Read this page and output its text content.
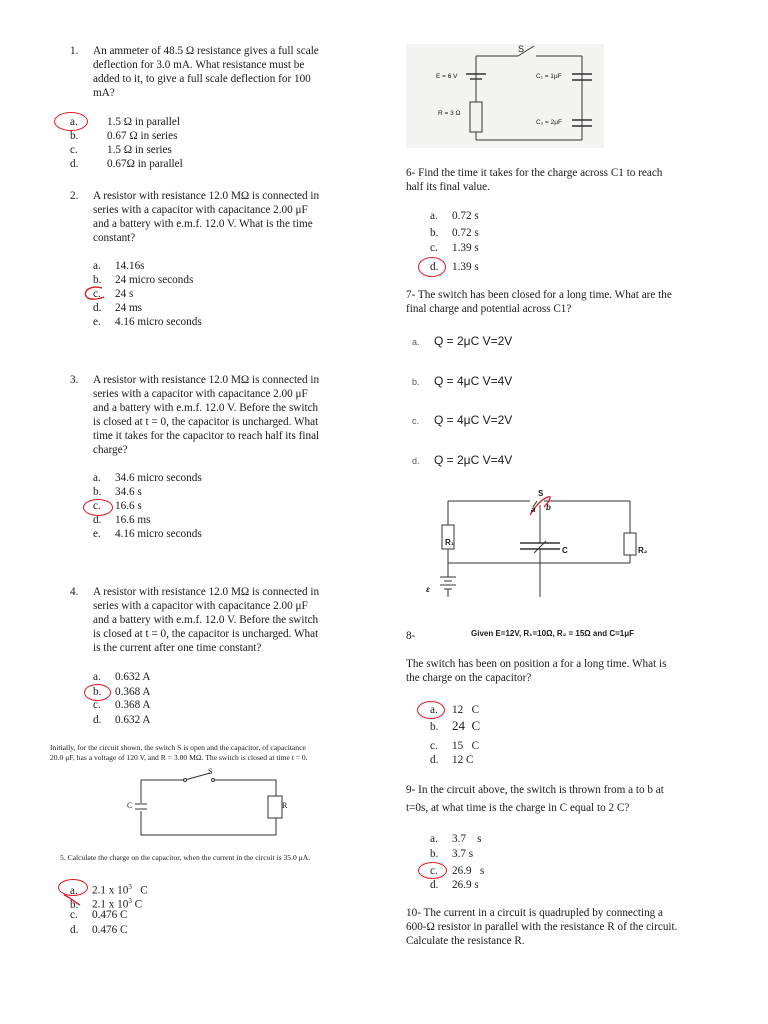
1.	An ammeter of 48.5 Ω resistance gives a full scale
deflection for 3.0 mA. What resistance must be
added to it, to give a full scale deflection for 100
mA?
a.	1.5 Ω in parallel
b.	0.67 Ω in series
c.	1.5 Ω in series
d.	0.67Ω in parallel
2.	A resistor with resistance 12.0 MΩ is connected in
series with a capacitor with capacitance 2.00 μF
and a battery with e.m.f. 12.0 V. What is the time
constant?
a. 14.16s
b. 24 micro seconds
c. 24 s
d. 24 ms
e. 4.16 micro seconds
3.	A resistor with resistance 12.0 MΩ is connected in
series with a capacitor with capacitance 2.00 μF
and a battery with e.m.f. 12.0 V. Before the switch
is closed at t = 0, the capacitor is uncharged. What
time it takes for the capacitor to reach half its final
charge?
a. 34.6 micro seconds
b. 34.6 s
c. 16.6 s
d. 16.6 ms
e. 4.16 micro seconds
4.	A resistor with resistance 12.0 MΩ is connected in
series with a capacitor with capacitance 2.00 μF
and a battery with e.m.f. 12.0 V. Before the switch
is closed at t = 0, the capacitor is uncharged. What
is the current after one time constant?
a. 0.632 A
b. 0.368 A
c. 0.368 A
d. 0.632 A
Initially, for the circuit shown, the switch S is open and the capacitor, of capacitance
20.0 μF, has a voltage of 120 V, and R = 3.00 MΩ. The switch is closed at time t = 0.
S
C	R
5. Calculate the charge on the capacitor, when the current in the circuit is 35.0 μA.
a. 2.1 x $10^3$   C
b. 2.1 x $10^3$ C
c. 0.476 C
d. 0.476 C
S
E = 6 V
R = 3 Ω
C₁ = 1μF
C₂ = 2μF
6- Find the time it takes for the charge across C1 to reach
half its final value.
a. 0.72 s
b. 0.72 s
c. 1.39 s
d. 1.39 s
7- The switch has been closed for a long time. What are the
final charge and potential across C1?
a. Q = 2μC V=2V
b. Q = 4μC V=4V
c. Q = 4μC V=2V
d. Q = 2μC V=4V
S
a b
R₁
C	R₂
ε
8-	Given E=12V, R₁=10Ω, R₂ = 15Ω and C=1μF
The switch has been on position a for a long time. What is
the charge on the capacitor?
a. 12   C
b. 24  C
c. 15   C
d. 12 C
9- In the circuit above, the switch is thrown from a to b at
t=0s, at what time is the charge in C equal to 2 C?
a. 3.7    s
b. 3.7 s
c. 26.9   s
d. 26.9 s
10- The current in a circuit is quadrupled by connecting a
600-Ω resistor in parallel with the resistance R of the circuit.
Calculate the resistance R.
